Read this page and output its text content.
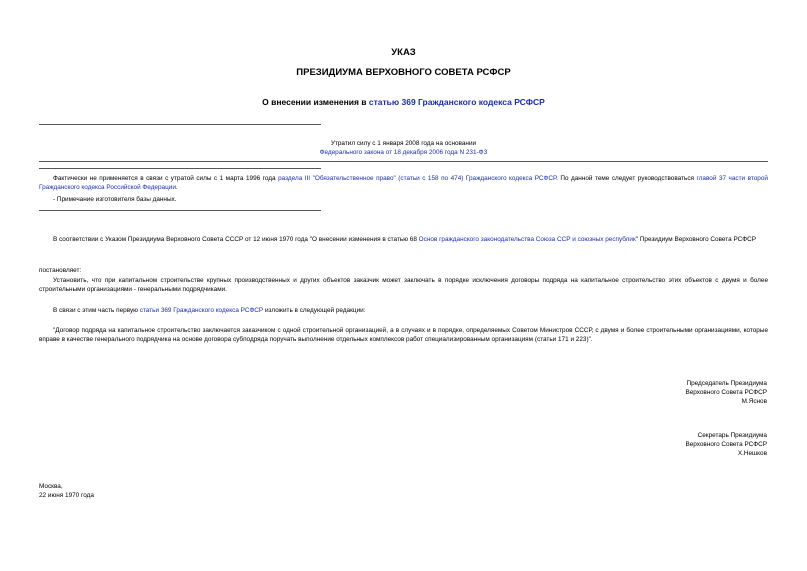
УКАЗ
ПРЕЗИДИУМА ВЕРХОВНОГО СОВЕТА РСФСР
О внесении изменения в статью 369 Гражданского кодекса РСФСР
Утратил силу с 1 января 2008 года на основании
Федерального закона от 18 декабря 2006 года N 231-ФЗ
Фактически не применяется в связи с утратой силы с 1 марта 1996 года раздела III "Обязательственное право" (статьи с 158 по 474) Гражданского кодекса РСФСР. По данной теме следует руководствоваться главой 37 части второй Гражданского кодекса Российской Федерации.
- Примечание изготовителя базы данных.
В соответствии с Указом Президиума Верховного Совета СССР от 12 июня 1970 года "О внесении изменения в статью 68 Основ гражданского законодательства Союза ССР и союзных республик" Президиум Верховного Совета РСФСР
постановляет:
Установить, что при капитальном строительстве крупных производственных и других объектов заказчик может заключать в порядке исключения договоры подряда на капитальное строительство этих объектов с двумя и более строительными организациями - генеральными подрядчиками.
В связи с этим часть первую статьи 369 Гражданского кодекса РСФСР изложить в следующей редакции:
"Договор подряда на капитальное строительство заключается заказчиком с одной строительной организацией, а в случаях и в порядке, определяемых Советом Министров СССР, с двумя и более строительными организациями, которые вправе в качестве генерального подрядчика на основе договора субподряда поручать выполнение отдельных комплексов работ специализированным организациям (статьи 171 и 223)".
Председатель Президиума
Верховного Совета РСФСР
М.Яснов
Секретарь Президиума
Верховного Совета РСФСР
Х.Нешков
Москва,
22 июня 1970 года
